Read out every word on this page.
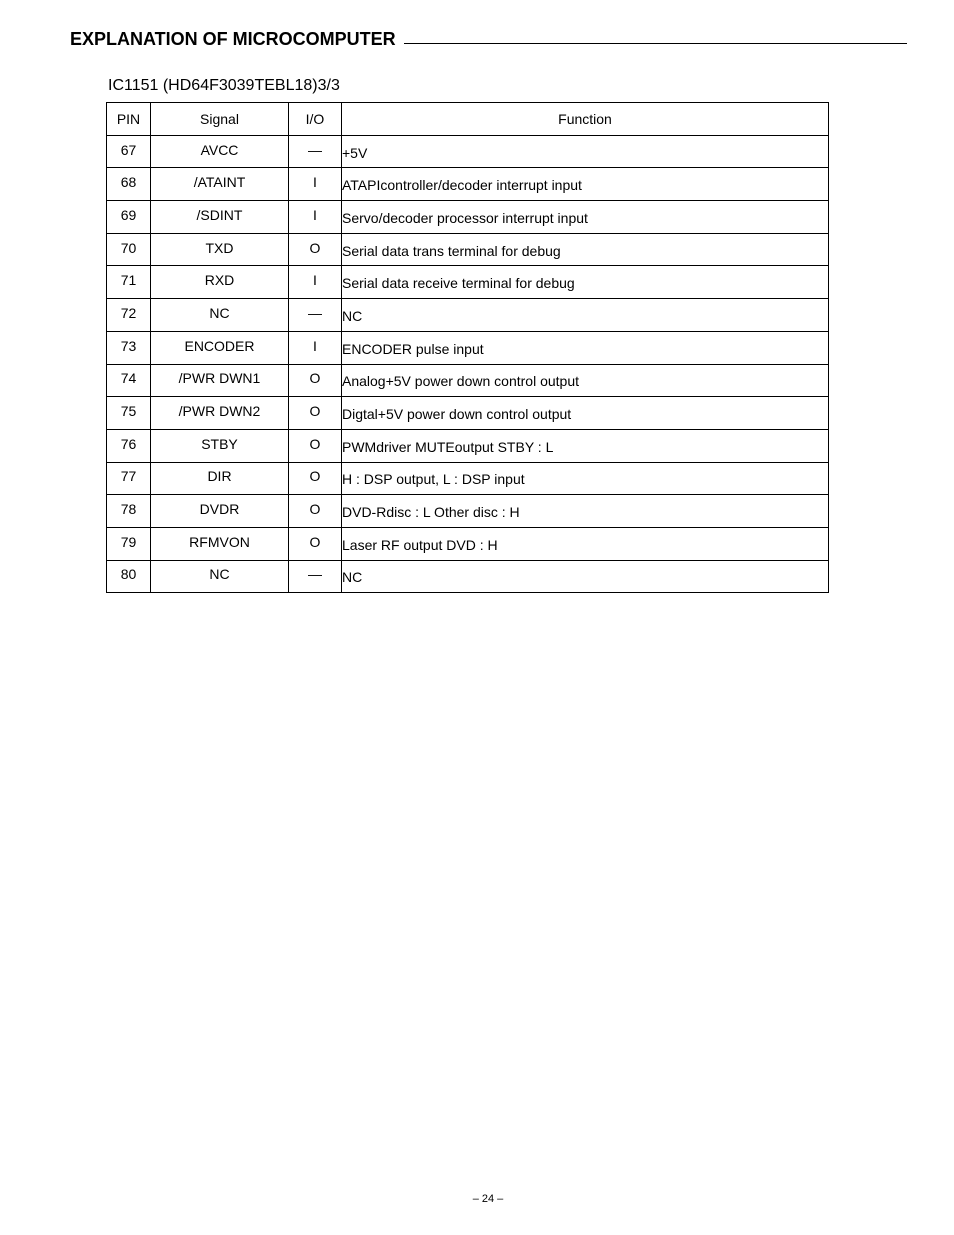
EXPLANATION OF MICROCOMPUTER
IC1151 (HD64F3039TEBL18)3/3
PIN	Signal	I/O	Function
67	AVCC	—	+5V
68	/ATAINT	I	ATAPIcontroller/decoder interrupt input
69	/SDINT	I	Servo/decoder processor interrupt input
70	TXD	O	Serial data trans terminal for debug
71	RXD	I	Serial data receive terminal for debug
72	NC	—	NC
73	ENCODER	I	ENCODER pulse input
74	/PWR DWN1	O	Analog+5V power down control output
75	/PWR DWN2	O	Digtal+5V power down control output
76	STBY	O	PWMdriver MUTEoutput STBY : L
77	DIR	O	H : DSP output, L : DSP input
78	DVDR	O	DVD-Rdisc : L Other disc : H
79	RFMVON	O	Laser RF output DVD : H
80	NC	—	NC
– 24 –
